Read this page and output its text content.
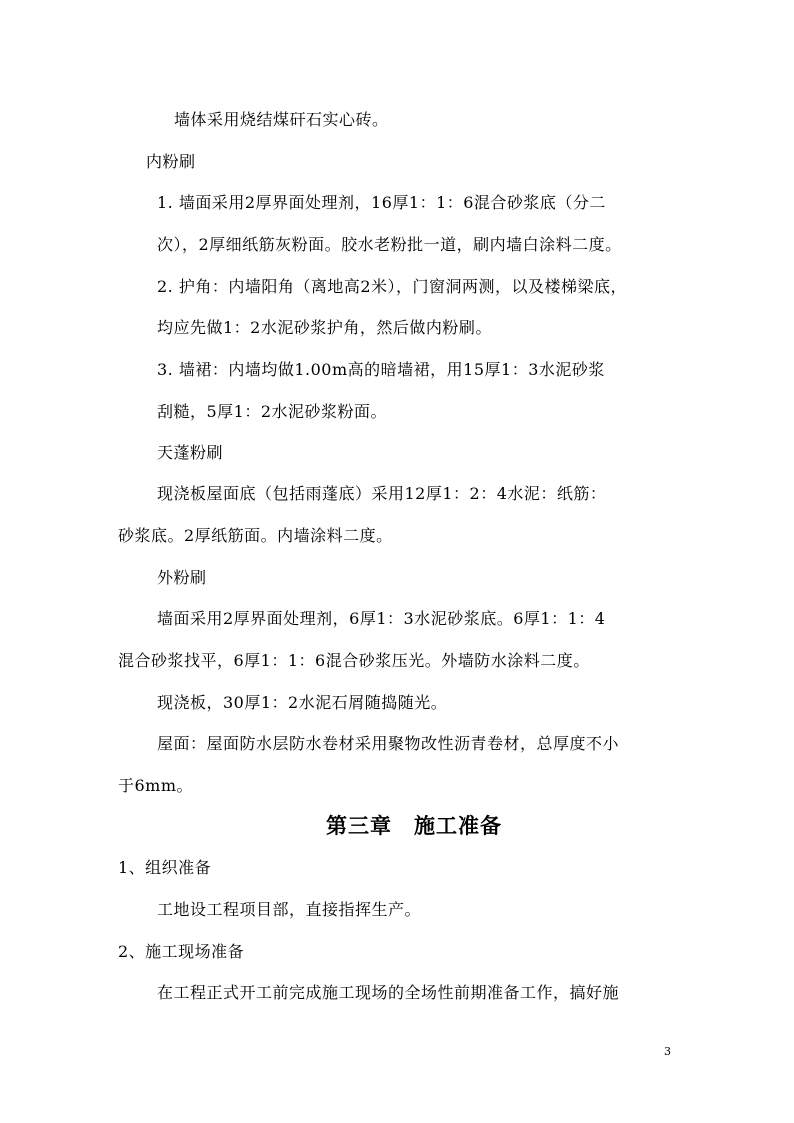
墙体采用烧结煤矸石实心砖。
内粉刷
1. 墙面采用2厚界面处理剂，16厚1：1：6混合砂浆底（分二
次），2厚细纸筋灰粉面。胶水老粉批一道，刷内墙白涂料二度。
2. 护角：内墙阳角（离地高2米），门窗洞两测，以及楼梯梁底，
均应先做1：2水泥砂浆护角，然后做内粉刷。
3. 墙裙：内墙均做1.00m高的暗墙裙，用15厚1：3水泥砂浆
刮糙，5厚1：2水泥砂浆粉面。
天蓬粉刷
现浇板屋面底（包括雨蓬底）采用12厚1：2：4水泥：纸筋：
砂浆底。2厚纸筋面。内墙涂料二度。
外粉刷
墙面采用2厚界面处理剂，6厚1：3水泥砂浆底。6厚1：1：4
混合砂浆找平，6厚1：1：6混合砂浆压光。外墙防水涂料二度。
现浇板，30厚1：2水泥石屑随捣随光。
屋面：屋面防水层防水卷材采用聚物改性沥青卷材，总厚度不小
于6mm。
第三章　施工准备
1、组织准备
工地设工程项目部，直接指挥生产。
2、施工现场准备
在工程正式开工前完成施工现场的全场性前期准备工作，搞好施
3
